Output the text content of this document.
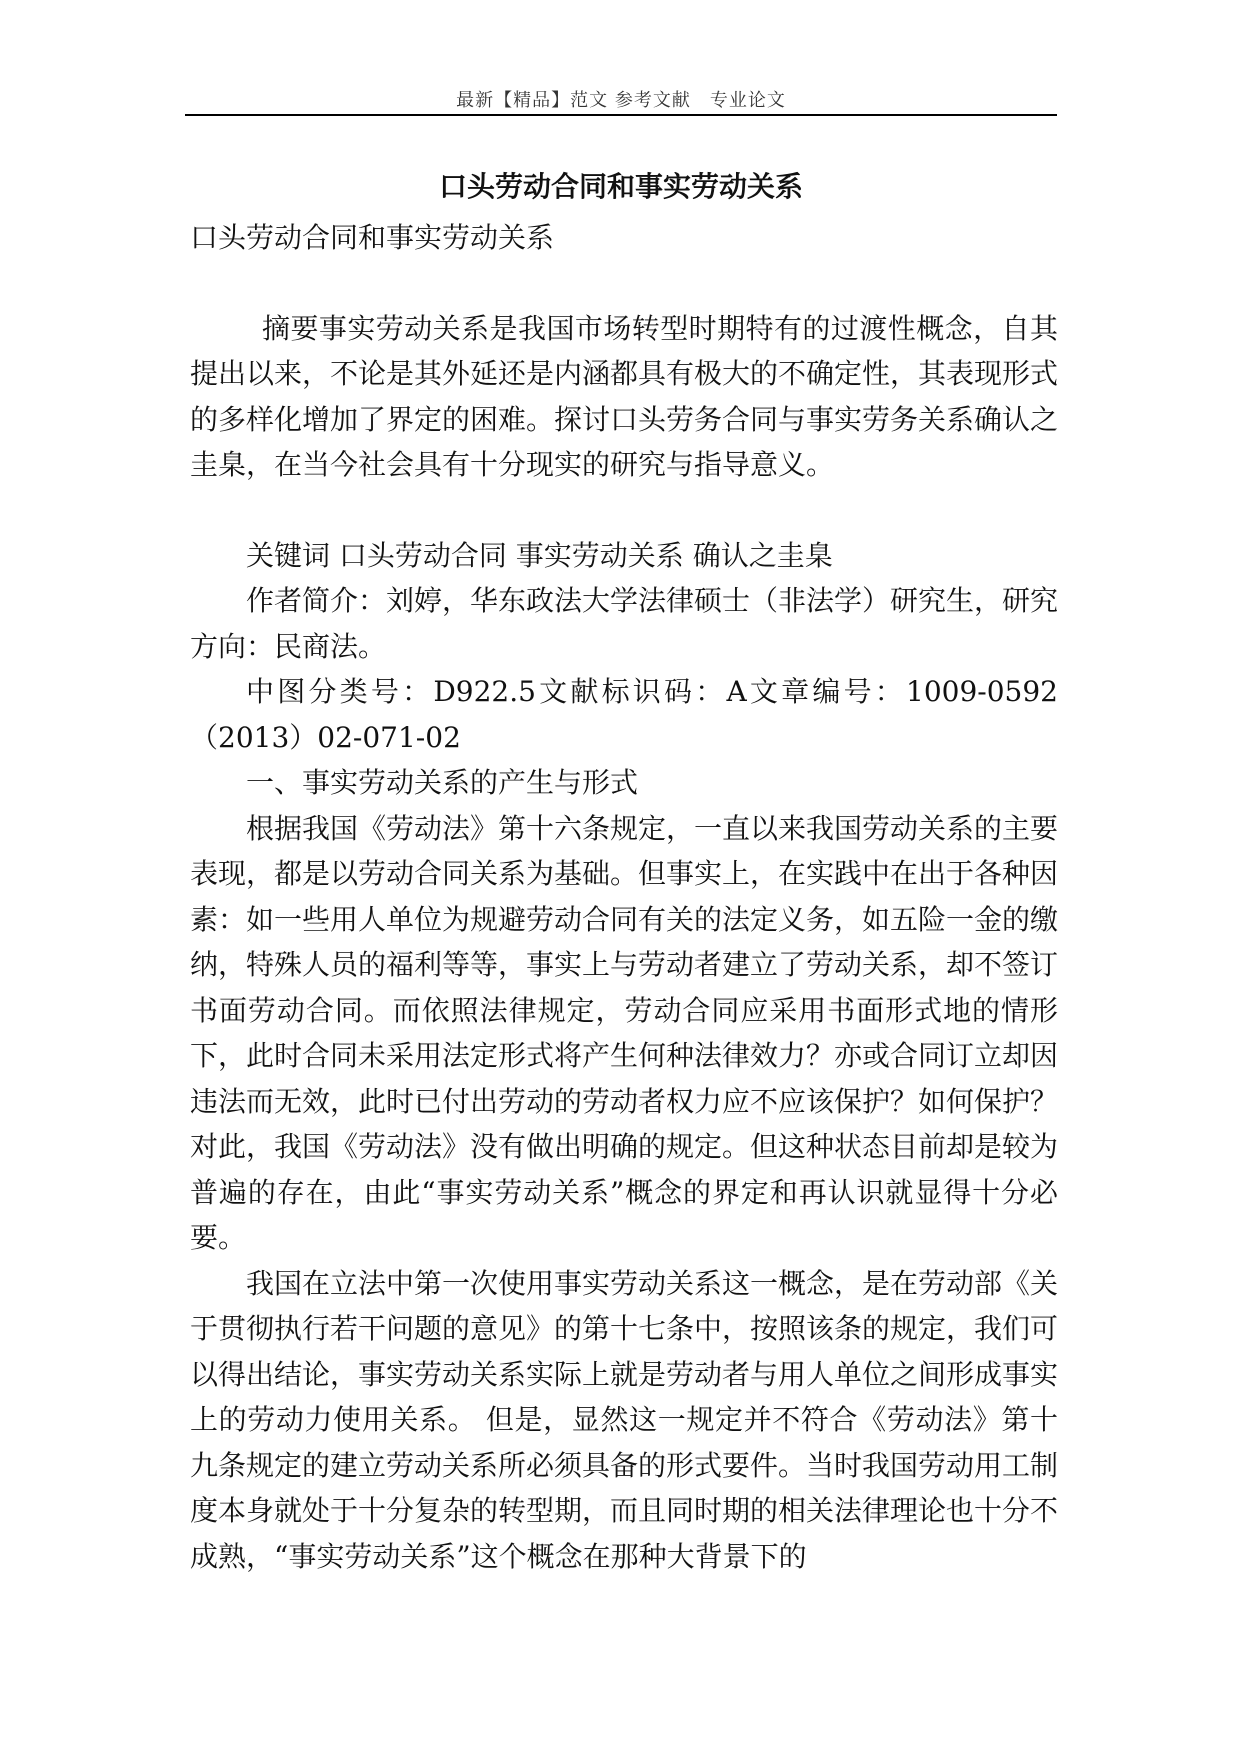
最新【精品】范文 参考文献　专业论文
口头劳动合同和事实劳动关系

口头劳动合同和事实劳动关系

摘要事实劳动关系是我国市场转型时期特有的过渡性概念，自其提出以来，不论是其外延还是内涵都具有极大的不确定性，其表现形式的多样化增加了界定的困难。探讨口头劳务合同与事实劳务关系确认之圭臬，在当今社会具有十分现实的研究与指导意义。

关键词 口头劳动合同 事实劳动关系 确认之圭臬

作者简介：刘婷，华东政法大学法律硕士（非法学）研究生，研究方向：民商法。

中图分类号：D922.5文献标识码：A文章编号：1009-0592（2013）02-071-02

一、事实劳动关系的产生与形式

根据我国《劳动法》第十六条规定，一直以来我国劳动关系的主要表现，都是以劳动合同关系为基础。但事实上，在实践中在出于各种因素：如一些用人单位为规避劳动合同有关的法定义务，如五险一金的缴纳，特殊人员的福利等等，事实上与劳动者建立了劳动关系，却不签订书面劳动合同。而依照法律规定，劳动合同应采用书面形式地的情形下，此时合同未采用法定形式将产生何种法律效力？亦或合同订立却因违法而无效，此时已付出劳动的劳动者权力应不应该保护？如何保护？对此，我国《劳动法》没有做出明确的规定。但这种状态目前却是较为普遍的存在，由此“事实劳动关系”概念的界定和再认识就显得十分必要。

我国在立法中第一次使用事实劳动关系这一概念，是在劳动部《关于贯彻执行若干问题的意见》的第十七条中，按照该条的规定，我们可以得出结论，事实劳动关系实际上就是劳动者与用人单位之间形成事实上的劳动力使用关系。 但是，显然这一规定并不符合《劳动法》第十九条规定的建立劳动关系所必须具备的形式要件。当时我国劳动用工制度本身就处于十分复杂的转型期，而且同时期的相关法律理论也十分不成熟，“事实劳动关系”这个概念在那种大背景下的
